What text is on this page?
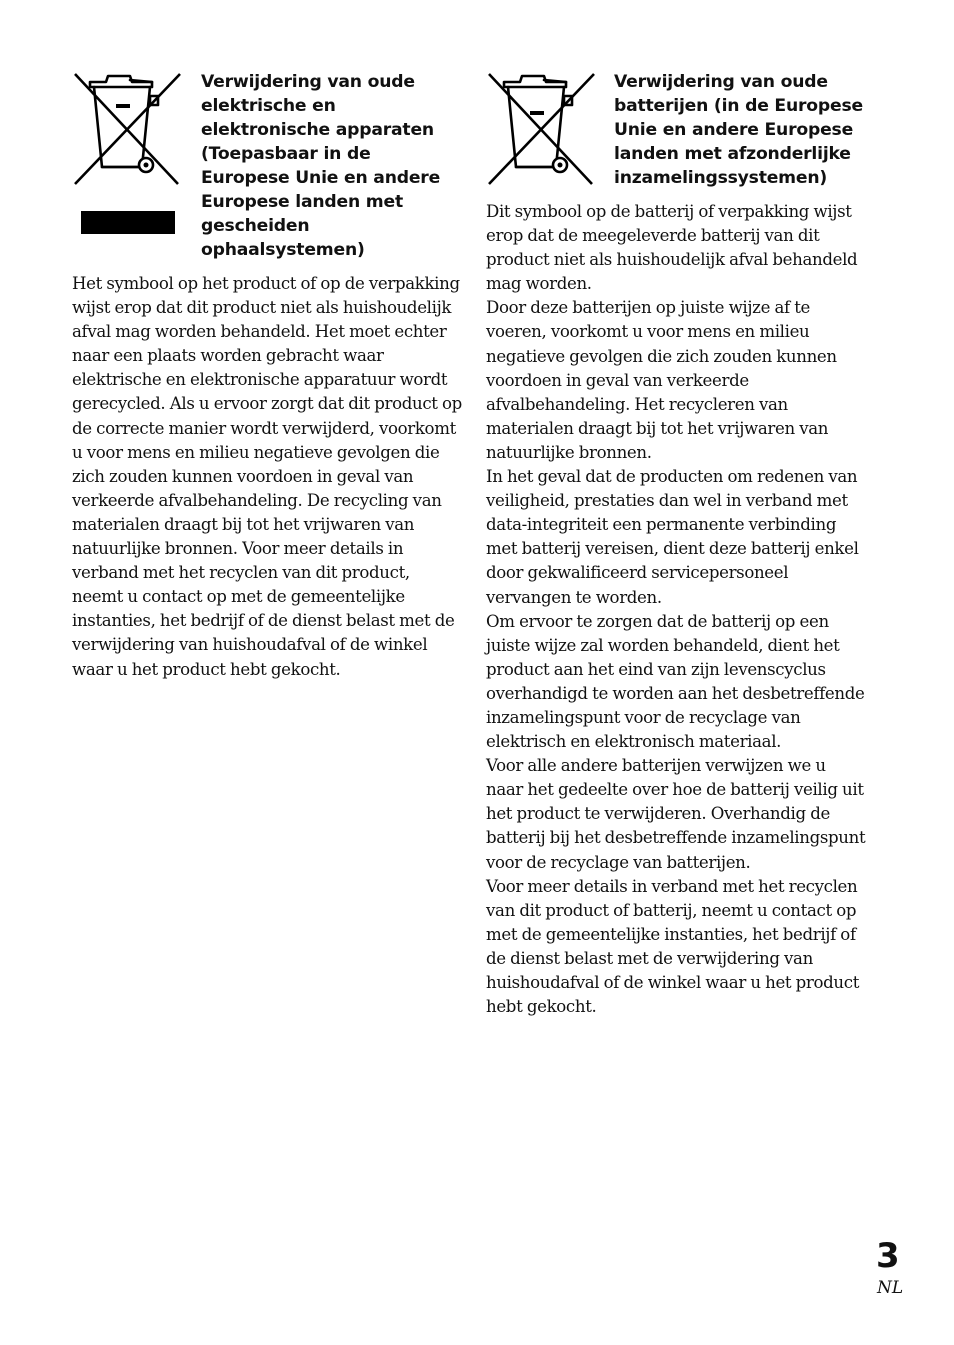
Verwijdering van oude elektrische en elektronische apparaten (Toepasbaar in de Europese Unie en andere Europese landen met gescheiden ophaalsystemen)
Het symbool op het product of op de verpakking wijst erop dat dit product niet als huishoudelijk afval mag worden behandeld. Het moet echter naar een plaats worden gebracht waar elektrische en elektronische apparatuur wordt gerecycled. Als u ervoor zorgt dat dit product op de correcte manier wordt verwijderd, voorkomt u voor mens en milieu negatieve gevolgen die zich zouden kunnen voordoen in geval van verkeerde afvalbehandeling. De recycling van materialen draagt bij tot het vrijwaren van natuurlijke bronnen. Voor meer details in verband met het recyclen van dit product, neemt u contact op met de gemeentelijke instanties, het bedrijf of de dienst belast met de verwijdering van huishoudafval of de winkel waar u het product hebt gekocht.
Verwijdering van oude batterijen (in de Europese Unie en andere Europese landen met afzonderlijke inzamelingssystemen)

Dit symbool op de batterij of verpakking wijst erop dat de meegeleverde batterij van dit product niet als huishoudelijk afval behandeld mag worden.

Door deze batterijen op juiste wijze af te voeren, voorkomt u voor mens en milieu negatieve gevolgen die zich zouden kunnen voordoen in geval van verkeerde afvalbehandeling. Het recycleren van materialen draagt bij tot het vrijwaren van natuurlijke bronnen.

In het geval dat de producten om redenen van veiligheid, prestaties dan wel in verband met data-integriteit een permanente verbinding met batterij vereisen, dient deze batterij enkel door gekwalificeerd servicepersoneel vervangen te worden.

Om ervoor te zorgen dat de batterij op een juiste wijze zal worden behandeld, dient het product aan het eind van zijn levenscyclus overhandigd te worden aan het desbetreffende inzamelingspunt voor de recyclage van elektrisch en elektronisch materiaal.

Voor alle andere batterijen verwijzen we u naar het gedeelte over hoe de batterij veilig uit het product te verwijderen. Overhandig de batterij bij het desbetreffende inzamelingspunt voor de recyclage van batterijen.

Voor meer details in verband met het recyclen van dit product of batterij, neemt u contact op met de gemeentelijke instanties, het bedrijf of de dienst belast met de verwijdering van huishoudafval of de winkel waar u het product hebt gekocht.

3
NL
